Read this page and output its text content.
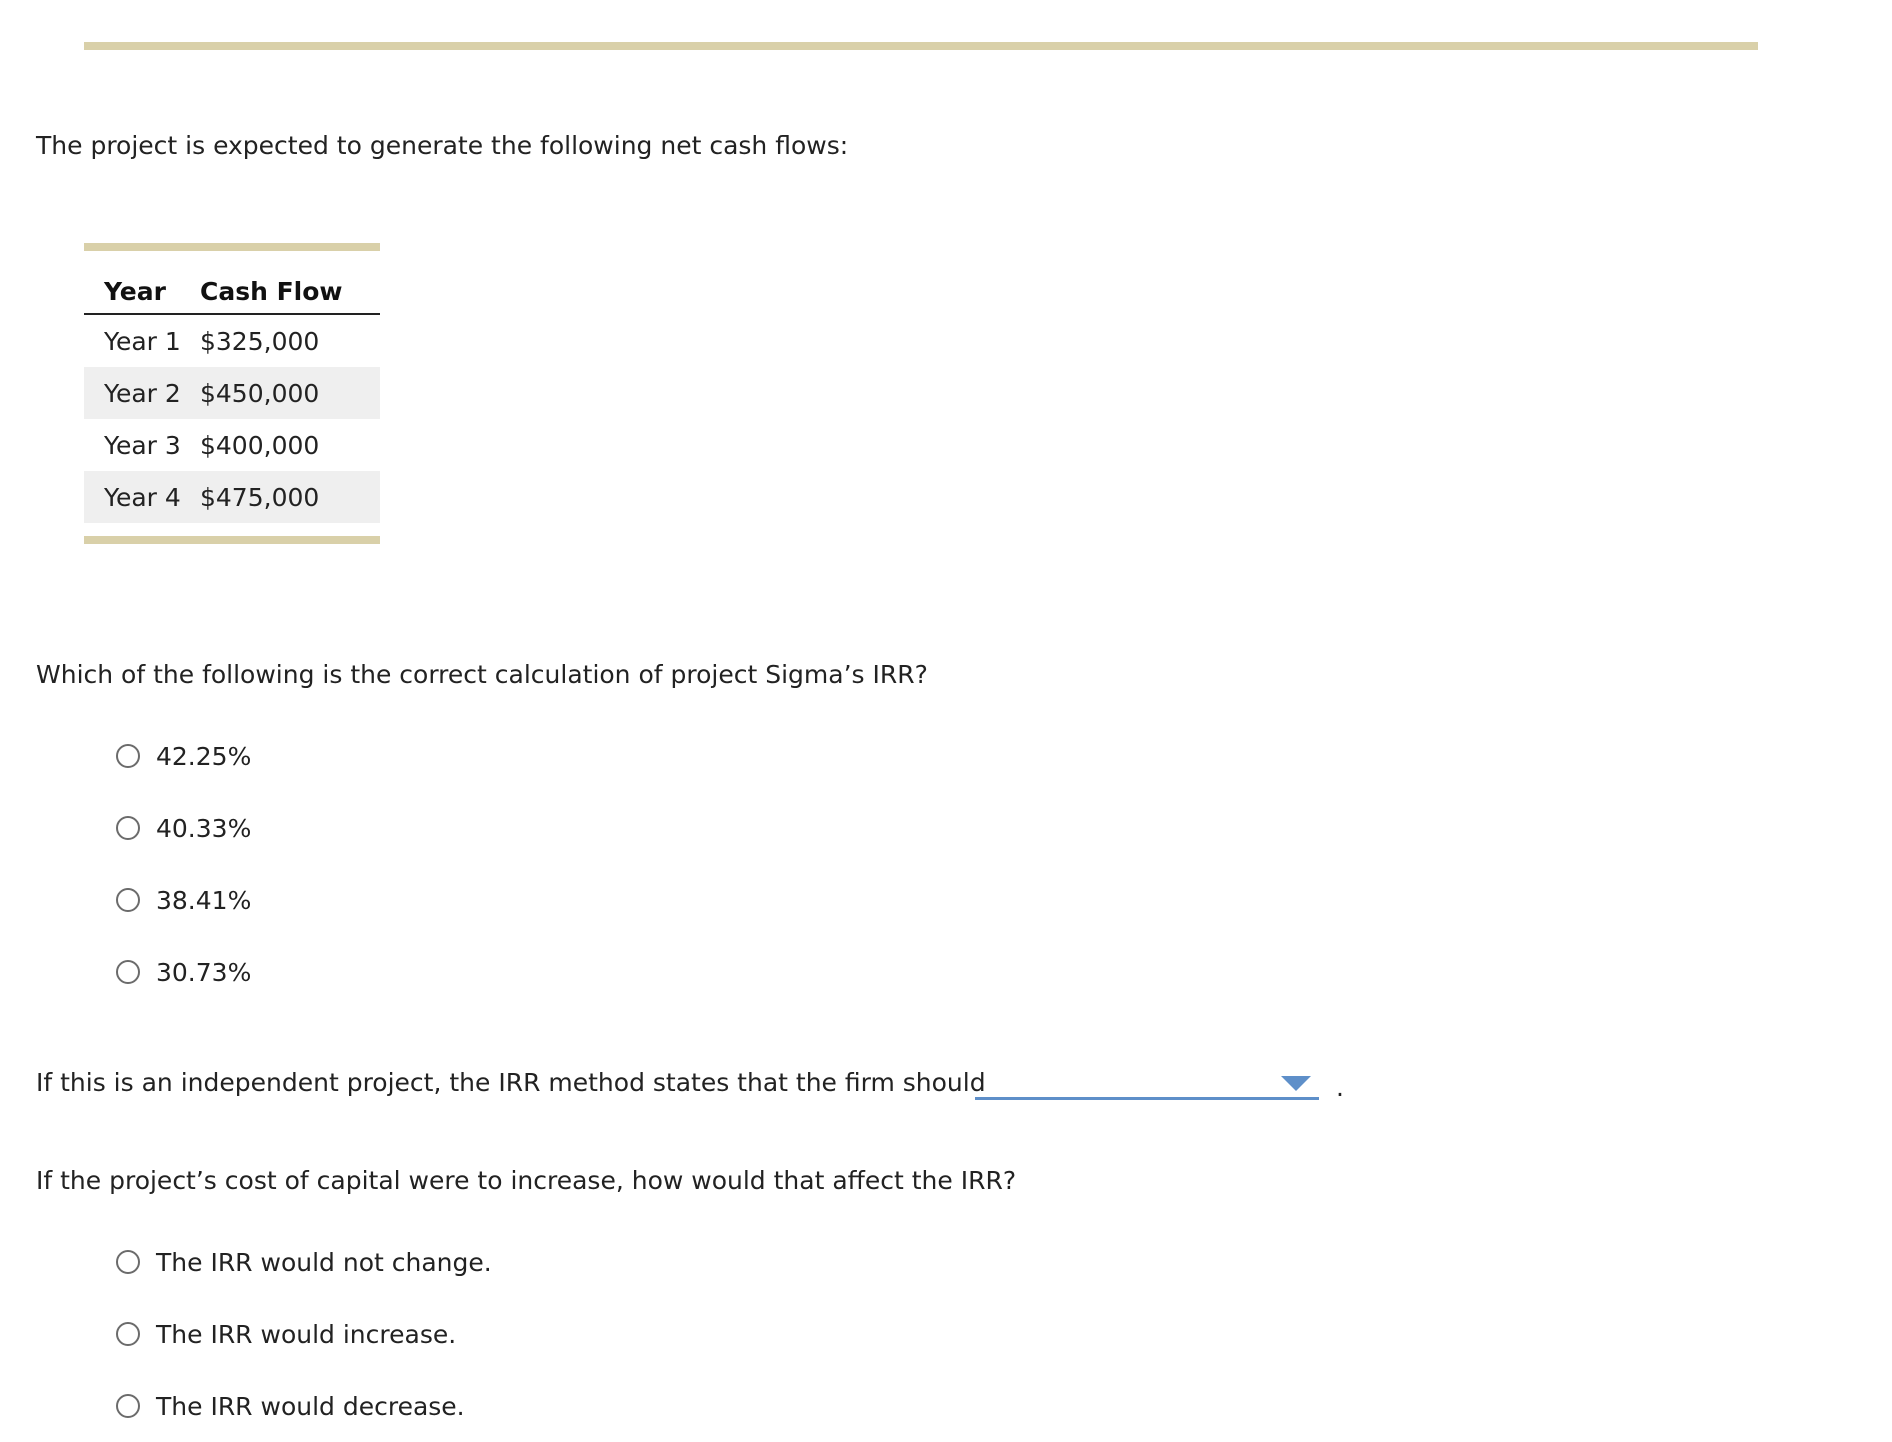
The project is expected to generate the following net cash flows:
Year	Cash Flow
Year 1 $325,000
Year 2 $450,000
Year 3 $400,000
Year 4 $475,000
Which of the following is the correct calculation of project Sigma’s IRR?
42.25%
40.33%
38.41%
30.73%
If this is an independent project, the IRR method states that the firm should	.
If the project’s cost of capital were to increase, how would that affect the IRR?
The IRR would not change.
The IRR would increase.
The IRR would decrease.
